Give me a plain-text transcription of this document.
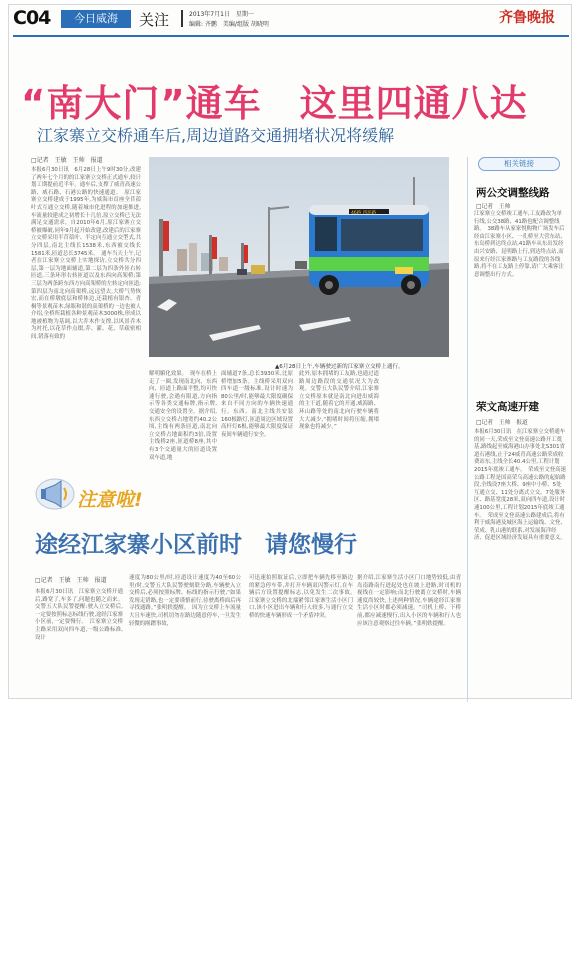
C04	今日威海	关注	2013年7月1日　星期一
编辑: 齐鹏　美编/组版 胡晓明	齐鲁晚报
“南大门”通车　这里四通八达
江家寨立交桥通车后,周边道路交通拥堵状况将缓解
□记者　王敏　王帅　报道
本报6月30日讯　6月28日上午9时30分,改建了两年七个月的的江家寨立交桥正式通车,较计划工期提前近半年。通车后,支撑了威青高速公路、威石路、石港公路的快速通道。　原江家寨立交桥建成于1995年,为威海市首座全苜蓿叶式互通立交桥,随着城市化进程的加速推进,车流量较建成之初增长十几倍,原立交桥已无法满足交通需求。自2010年6月,原江家寨立交桥被爆破,同年9月起开始改建,改建后的江家寨立交桥采用半苜蓿叶、半定向互通立交型式,共分四层,南北主线长1538米,东西被交线长1581米,匝道总长3745米。　通车当天上午,记者在江家寨立交桥上实地探访,立交桥共分四层,第一层为地面辅道,第二层为四条外匝右转匝道,三条环形右转匝道以及东西向高架桥;第三层为两条跨东西方向高架桥的左转定向匝道;第四层为南北向高架桥,远远望去,大桥气势恢宏,而在桥墩底层和桥体边,还栽植有银杏、青桐等景观苗木,绿瓶和谐的高架桥的一边也被人介绍,全桥所栽植各种景观苗木3000株,形成以地被植物为基调,以大乔木作支撑,以风景乔木为衬托,以花草作点缀,乔、灌、花、草疏密相间,错落有致的
46路 四环路
▲6月28日上午,车辆驶过新的江家寨立交桥上通行。
解明媚化效果。　现车在桥上走了一圈,发现南北向、东西向、匝道上路面平整,均可快速行驶,会遇有限道,方向指示等各类交通标牌,指示牌,交通安全的设置全。据介绍,东西立交桥占地宽约40.2公顷,主线有两条匝道,南北向立交桥占地面积约3倍,设置主线桥2座,匝道桥8座,其中有3个交通量大的匝道设置双车道,地
面辅道7条,总长3930米,比原桥增加5条。主线桥采用双向四车道一级标准,设计时速为80公里/时,能够最大限度确保来自不同方向的车辆快速通行。东西、南北主线共安装160根路灯,匝道周边区域设置高杆灯6根,能够最大限度保证夜间车辆通行安全。
此外,原本拥堵的工友路,也通过道路周边路段的交通状况大为改观。交警五大队民警介绍,江家寨立交桥原本就是南北向进出威海的主干道,随着它的开通,威海路、环山路等处的南北向行驶车辆将大大减少,“拥堵时间将压缩,拥堵现象也将减少。”
相关链接
两公交调整线路
□记者　王帅
江家寨立交桥竣工通车,工友路改为单行线,公交38路、41路也配合调整线路。　38路车从家家悦购物广场发车后经由江家寨小区、一孔桥至大营东站、东岛桥到达终点站,41路车从东出发经由兴安路、昆明路上行,到达终点站,而原来行经江家寨路与工友路段的各线路,将不在工友路上停靠,请广大乘客注意调整出行方式。
荣文高速开建
□记者　王帅　报道
本报6月30日讯　在江家寨立交桥通车的同一天,荣成至文登高速公路开工奠基,路线起至威海港山办事处北S301省道石港线,止于24威青高速公路荣成收费站东,主线全长40.4公里,工程计划2015年底竣工通车。　荣成至文登高速公路工程是国高荣乌高速公路的起始路段,全线设7座大桥、9座中小桥、5处互通立交、11处分离式立交、7处服务区、路基宽度28米,双向四车道,设计时速100公里,工程计划2015年底竣工通车。　荣成至文登高速公路建成后,将有利于威海港及城区海上运输线、文登、荣成、乳山港的联系,对发展海洋经济、促进区域经济发展具有重要意义。
注意啦!
途经江家寨小区前时　请您慢行
□记者　王敏　王帅　报道
本报6月30日讯　江家寨立交桥开通后,路宽了,车多了,问题也随之而来。交警五大队民警提醒:驶入立交桥后,一定要按照标志标线行驶,途经江家寨小区前,一定要慢行。　江家寨立交桥主路采用双向四车道,一级公路标准,设计
速度为80公里/时,匝道设计速度为40至60公里/时,交警五大队民警驶刻联分路,车辆驶入立交桥后,必须按照标牌、标线的指示行驶,“如果发现走错路,也一定要谨慎前行,待驶离桥面后再寻找通路。”张明轶提醒。　因为立交桥上车流量大且车速快,司机切勿在路边随意停车,一旦发生轻微的剐蹭事故,
可迅速拍照取证后,立即把车辆先移至路边的紧急停车带,并打开车辆双闪警示灯,在车辆后方设置提醒标志,以免发生二次事故。　江家寨立交桥的北端紧邻江家寨生活小区门口,该小区进出车辆和行人较多,与通行立交桥的快速车辆形成一个矛盾冲突。
据介绍,江家寨生活小区门口地势较低,由青岛南路南行进起处也在坡上进路,时司机的视线在一定影响;而北行驶离立交桥时,车辆速度尚较快,上述两种情况,车辆途经江家寨生活小区时都必须减速。“司机上桥、下桥前,都应减速慢行,出入小区的车辆和行人也应该注意观察过往车辆。”张明轶提醒。
